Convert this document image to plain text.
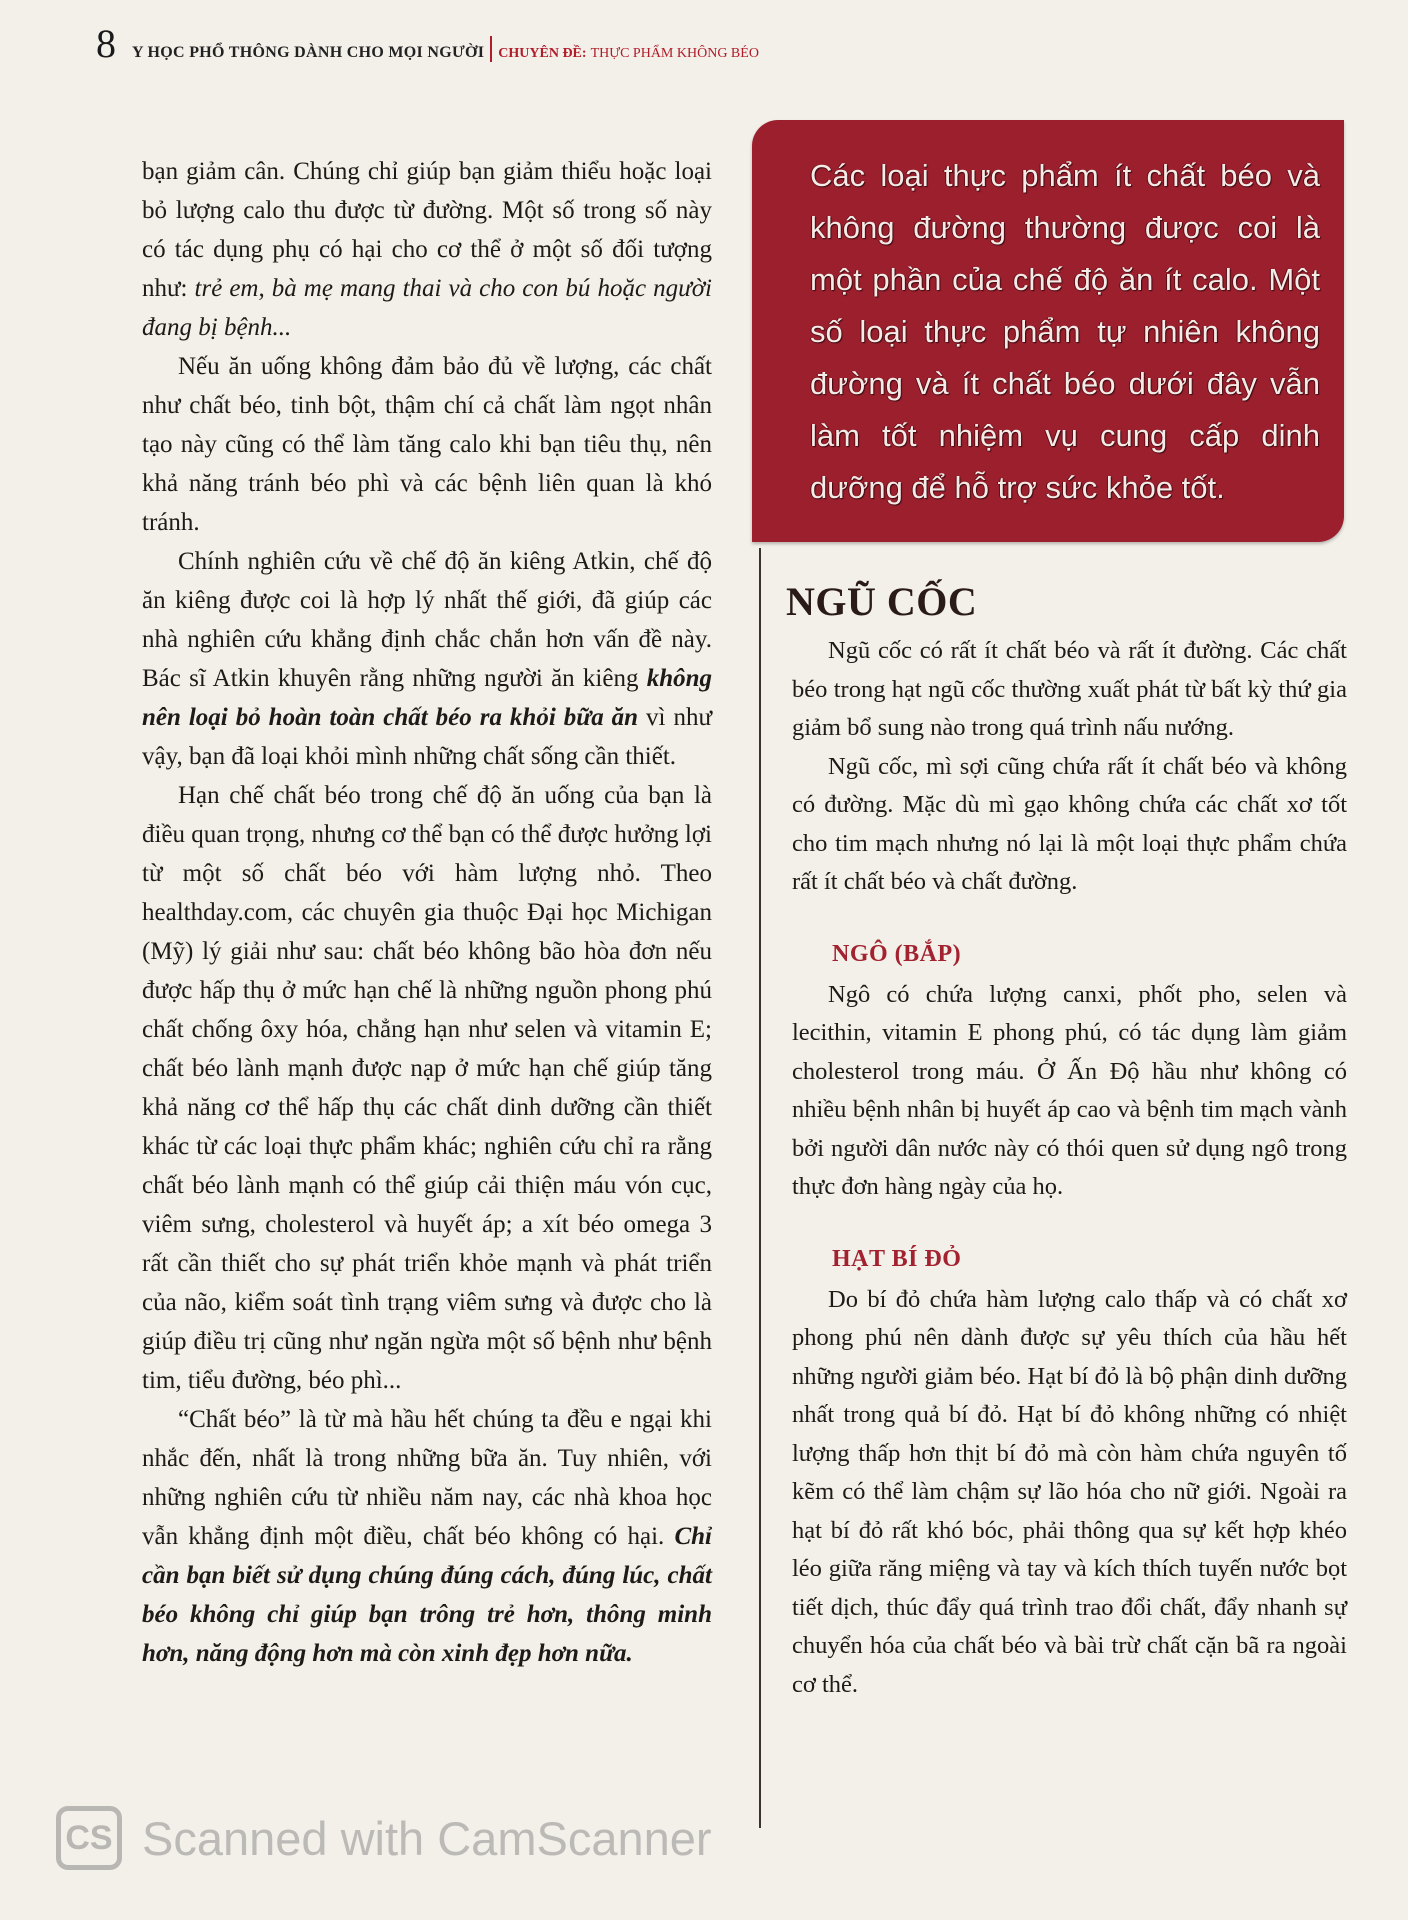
8 Y HỌC PHỔ THÔNG DÀNH CHO MỌI NGƯỜI CHUYÊN ĐỀ: THỰC PHẨM KHÔNG BÉO

bạn giảm cân. Chúng chỉ giúp bạn giảm thiểu hoặc loại bỏ lượng calo thu được từ đường. Một số trong số này có tác dụng phụ có hại cho cơ thể ở một số đối tượng như: trẻ em, bà mẹ mang thai và cho con bú hoặc người đang bị bệnh...

Nếu ăn uống không đảm bảo đủ về lượng, các chất như chất béo, tinh bột, thậm chí cả chất làm ngọt nhân tạo này cũng có thể làm tăng calo khi bạn tiêu thụ, nên khả năng tránh béo phì và các bệnh liên quan là khó tránh.

Chính nghiên cứu về chế độ ăn kiêng Atkin, chế độ ăn kiêng được coi là hợp lý nhất thế giới, đã giúp các nhà nghiên cứu khẳng định chắc chắn hơn vấn đề này. Bác sĩ Atkin khuyên rằng những người ăn kiêng không nên loại bỏ hoàn toàn chất béo ra khỏi bữa ăn vì như vậy, bạn đã loại khỏi mình những chất sống cần thiết.

Hạn chế chất béo trong chế độ ăn uống của bạn là điều quan trọng, nhưng cơ thể bạn có thể được hưởng lợi từ một số chất béo với hàm lượng nhỏ. Theo healthday.com, các chuyên gia thuộc Đại học Michigan (Mỹ) lý giải như sau: chất béo không bão hòa đơn nếu được hấp thụ ở mức hạn chế là những nguồn phong phú chất chống ôxy hóa, chẳng hạn như selen và vitamin E; chất béo lành mạnh được nạp ở mức hạn chế giúp tăng khả năng cơ thể hấp thụ các chất dinh dưỡng cần thiết khác từ các loại thực phẩm khác; nghiên cứu chỉ ra rằng chất béo lành mạnh có thể giúp cải thiện máu vón cục, viêm sưng, cholesterol và huyết áp; a xít béo omega 3 rất cần thiết cho sự phát triển khỏe mạnh và phát triển của não, kiểm soát tình trạng viêm sưng và được cho là giúp điều trị cũng như ngăn ngừa một số bệnh như bệnh tim, tiểu đường, béo phì...

“Chất béo” là từ mà hầu hết chúng ta đều e ngại khi nhắc đến, nhất là trong những bữa ăn. Tuy nhiên, với những nghiên cứu từ nhiều năm nay, các nhà khoa học vẫn khẳng định một điều, chất béo không có hại. Chỉ cần bạn biết sử dụng chúng đúng cách, đúng lúc, chất béo không chỉ giúp bạn trông trẻ hơn, thông minh hơn, năng động hơn mà còn xinh đẹp hơn nữa.

Các loại thực phẩm ít chất béo và không đường thường được coi là một phần của chế độ ăn ít calo. Một số loại thực phẩm tự nhiên không đường và ít chất béo dưới đây vẫn làm tốt nhiệm vụ cung cấp dinh dưỡng để hỗ trợ sức khỏe tốt.
NGŨ CỐC

Ngũ cốc có rất ít chất béo và rất ít đường. Các chất béo trong hạt ngũ cốc thường xuất phát từ bất kỳ thứ gia giảm bổ sung nào trong quá trình nấu nướng.

Ngũ cốc, mì sợi cũng chứa rất ít chất béo và không có đường. Mặc dù mì gạo không chứa các chất xơ tốt cho tim mạch nhưng nó lại là một loại thực phẩm chứa rất ít chất béo và chất đường.

NGÔ (BẮP)

Ngô có chứa lượng canxi, phốt pho, selen và lecithin, vitamin E phong phú, có tác dụng làm giảm cholesterol trong máu. Ở Ấn Độ hầu như không có nhiều bệnh nhân bị huyết áp cao và bệnh tim mạch vành bởi người dân nước này có thói quen sử dụng ngô trong thực đơn hàng ngày của họ.

HẠT BÍ ĐỎ

Do bí đỏ chứa hàm lượng calo thấp và có chất xơ phong phú nên dành được sự yêu thích của hầu hết những người giảm béo. Hạt bí đỏ là bộ phận dinh dưỡng nhất trong quả bí đỏ. Hạt bí đỏ không những có nhiệt lượng thấp hơn thịt bí đỏ mà còn hàm chứa nguyên tố kẽm có thể làm chậm sự lão hóa cho nữ giới. Ngoài ra hạt bí đỏ rất khó bóc, phải thông qua sự kết hợp khéo léo giữa răng miệng và tay và kích thích tuyến nước bọt tiết dịch, thúc đẩy quá trình trao đổi chất, đẩy nhanh sự chuyển hóa của chất béo và bài trừ chất cặn bã ra ngoài cơ thể.

CS Scanned with CamScanner
